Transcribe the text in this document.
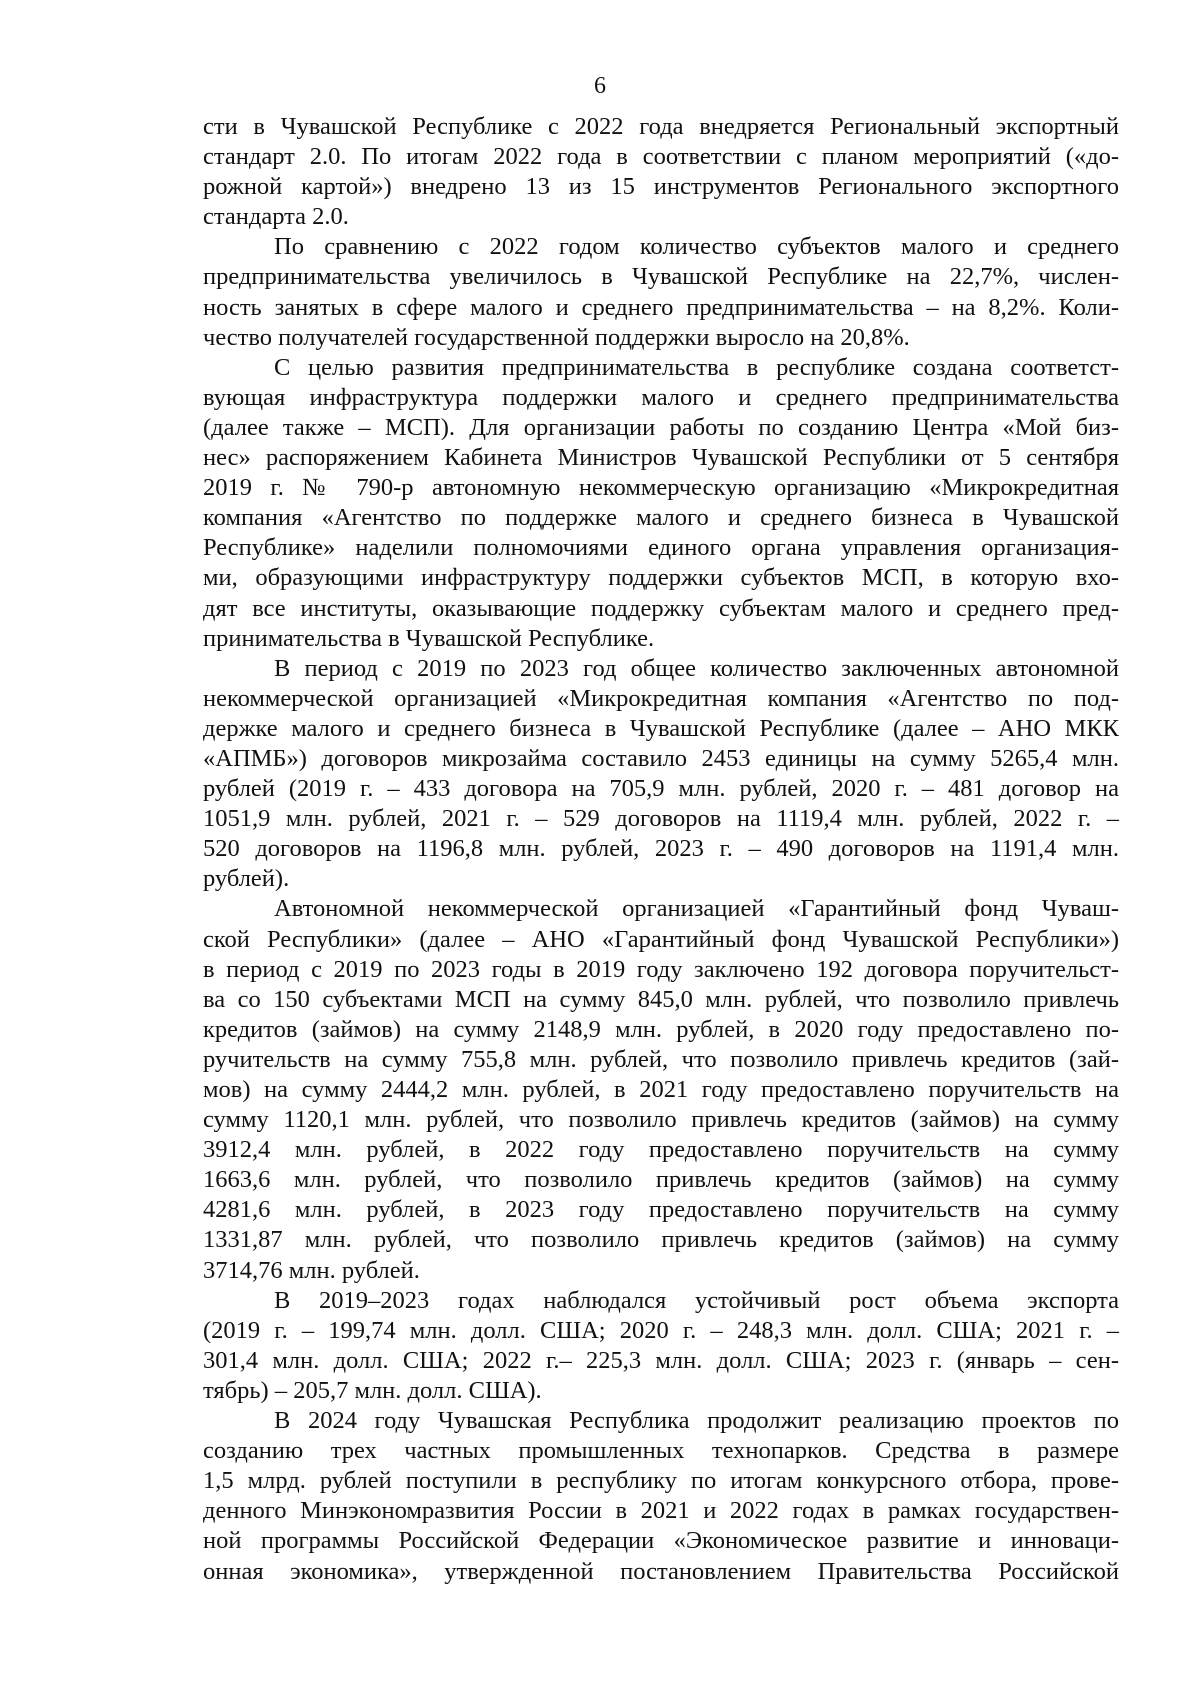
6

сти в Чувашской Республике с 2022 года внедряется Региональный экспортный
стандарт 2.0. По итогам 2022 года в соответствии с планом мероприятий («до-
рожной картой») внедрено 13 из 15 инструментов Регионального экспортного

стандарта 2.0.

По сравнению с 2022 годом количество субъектов малого и среднего
предпринимательства увеличилось в Чувашской Республике на 22,7%, числен-
ность занятых в сфере малого и среднего предпринимательства – на 8,2%. Коли-

чество получателей государственной поддержки выросло на 20,8%.

С целью развития предпринимательства в республике создана соответст-
вующая инфраструктура поддержки малого и среднего предпринимательства
(далее также – МСП). Для организации работы по созданию Центра «Мой биз-
нес» распоряжением Кабинета Министров Чувашской Республики от 5 сентября
2019 г. № 790-р автономную некоммерческую организацию «Микрокредитная
компания «Агентство по поддержке малого и среднего бизнеса в Чувашской
Республике» наделили полномочиями единого органа управления организация-
ми, образующими инфраструктуру поддержки субъектов МСП, в которую вхо-
дят все институты, оказывающие поддержку субъектам малого и среднего пред-

принимательства в Чувашской Республике.

В период с 2019 по 2023 год общее количество заключенных автономной
некоммерческой организацией «Микрокредитная компания «Агентство по под-
держке малого и среднего бизнеса в Чувашской Республике (далее – АНО МКК
«АПМБ») договоров микрозайма составило 2453 единицы на сумму 5265,4 млн.
рублей (2019 г. – 433 договора на 705,9 млн. рублей, 2020 г. – 481 договор на
1051,9 млн. рублей, 2021 г. – 529 договоров на 1119,4 млн. рублей, 2022 г. –
520 договоров на 1196,8 млн. рублей, 2023 г. – 490 договоров на 1191,4 млн.

рублей).

Автономной некоммерческой организацией «Гарантийный фонд Чуваш-
ской Республики» (далее – АНО «Гарантийный фонд Чувашской Республики»)
в период с 2019 по 2023 годы в 2019 году заключено 192 договора поручительст-
ва со 150 субъектами МСП на сумму 845,0 млн. рублей, что позволило привлечь
кредитов (займов) на сумму 2148,9 млн. рублей, в 2020 году предоставлено по-
ручительств на сумму 755,8 млн. рублей, что позволило привлечь кредитов (зай-
мов) на сумму 2444,2 млн. рублей, в 2021 году предоставлено поручительств на
сумму 1120,1 млн. рублей, что позволило привлечь кредитов (займов) на сумму
3912,4 млн. рублей, в 2022 году предоставлено поручительств на сумму
1663,6 млн. рублей, что позволило привлечь кредитов (займов) на сумму
4281,6 млн. рублей, в 2023 году предоставлено поручительств на сумму
1331,87 млн. рублей, что позволило привлечь кредитов (займов) на сумму

3714,76 млн. рублей.

В 2019–2023 годах наблюдался устойчивый рост объема экспорта
(2019 г. – 199,74 млн. долл. США; 2020 г. – 248,3 млн. долл. США; 2021 г. –
301,4 млн. долл. США; 2022 г.– 225,3 млн. долл. США; 2023 г. (январь – сен-

тябрь) – 205,7 млн. долл. США).

В 2024 году Чувашская Республика продолжит реализацию проектов по
созданию трех частных промышленных технопарков. Средства в размере
1,5 млрд. рублей поступили в республику по итогам конкурсного отбора, прове-
денного Минэкономразвития России в 2021 и 2022 годах в рамках государствен-
ной программы Российской Федерации «Экономическое развитие и инновaци-
онная экономика», утвержденной постановлением Правительства Российской
